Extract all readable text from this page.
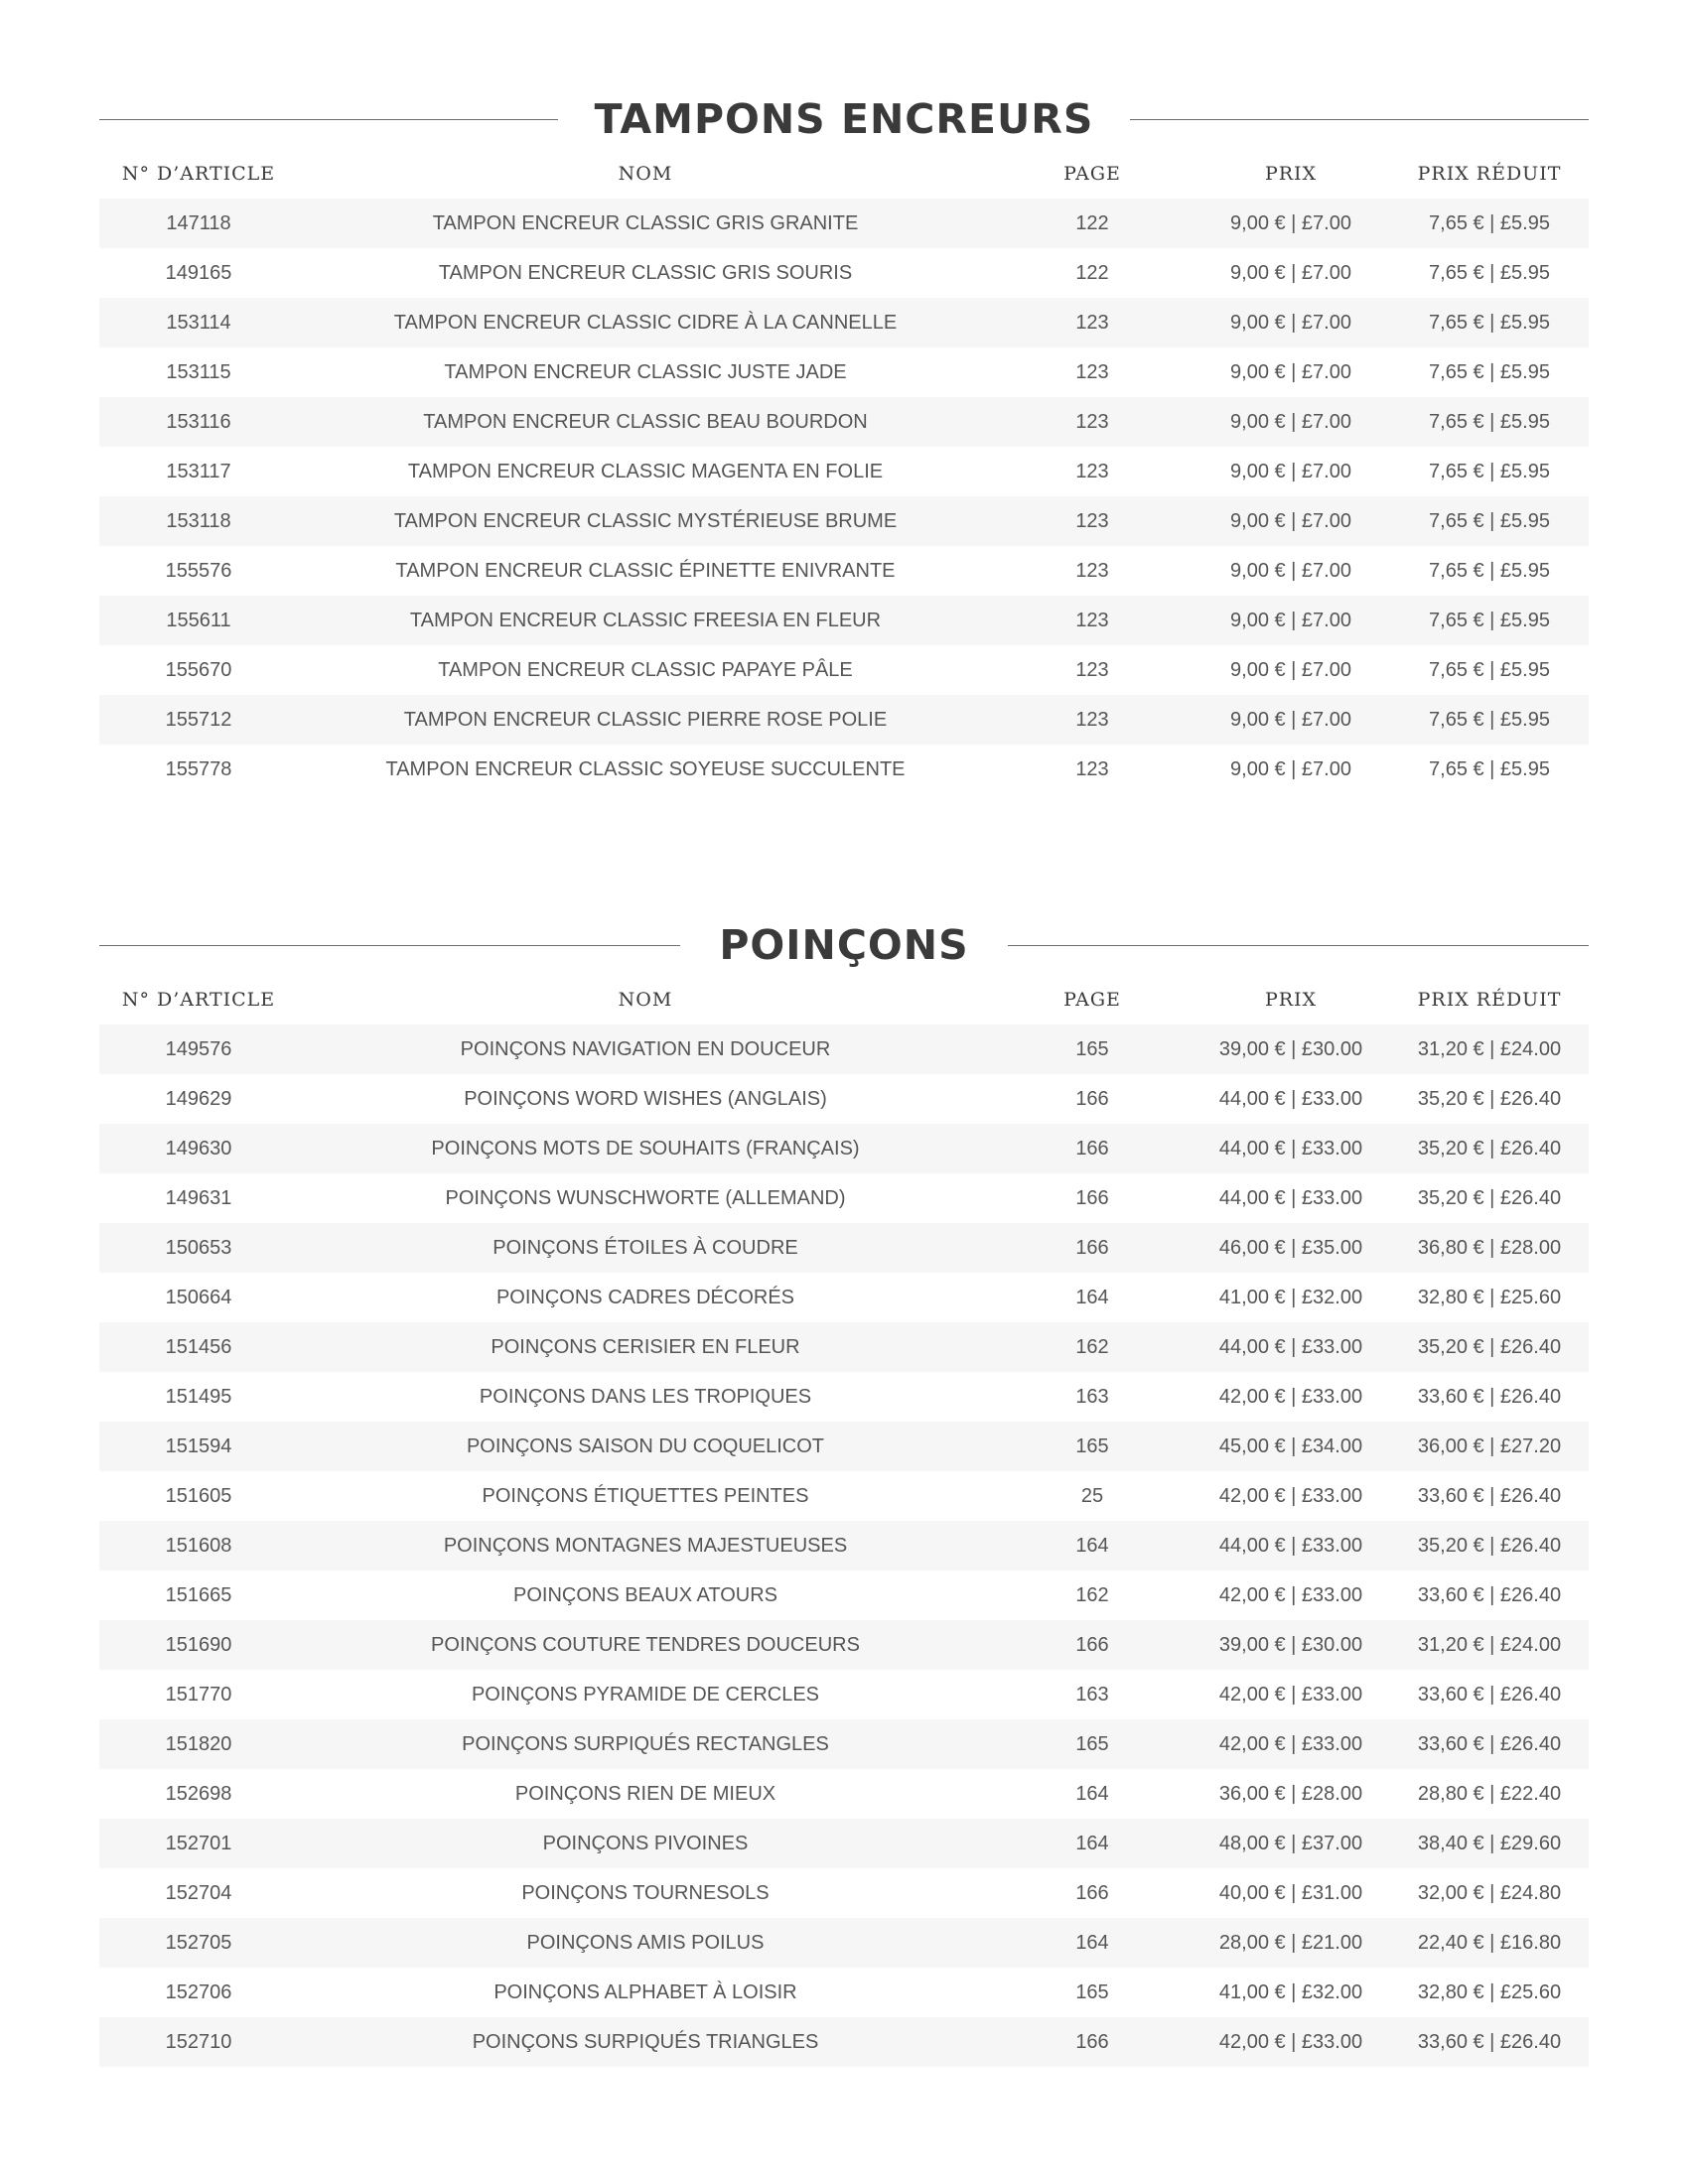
TAMPONS ENCREURS
N° D’ARTICLE	NOM	PAGE	PRIX	PRIX RÉDUIT
147118	TAMPON ENCREUR CLASSIC GRIS GRANITE	122	9,00 € | £7.00	7,65 € | £5.95
149165	TAMPON ENCREUR CLASSIC GRIS SOURIS	122	9,00 € | £7.00	7,65 € | £5.95
153114	TAMPON ENCREUR CLASSIC CIDRE À LA CANNELLE	123	9,00 € | £7.00	7,65 € | £5.95
153115	TAMPON ENCREUR CLASSIC JUSTE JADE	123	9,00 € | £7.00	7,65 € | £5.95
153116	TAMPON ENCREUR CLASSIC BEAU BOURDON	123	9,00 € | £7.00	7,65 € | £5.95
153117	TAMPON ENCREUR CLASSIC MAGENTA EN FOLIE	123	9,00 € | £7.00	7,65 € | £5.95
153118	TAMPON ENCREUR CLASSIC MYSTÉRIEUSE BRUME	123	9,00 € | £7.00	7,65 € | £5.95
155576	TAMPON ENCREUR CLASSIC ÉPINETTE ENIVRANTE	123	9,00 € | £7.00	7,65 € | £5.95
155611	TAMPON ENCREUR CLASSIC FREESIA EN FLEUR	123	9,00 € | £7.00	7,65 € | £5.95
155670	TAMPON ENCREUR CLASSIC PAPAYE PÂLE	123	9,00 € | £7.00	7,65 € | £5.95
155712	TAMPON ENCREUR CLASSIC PIERRE ROSE POLIE	123	9,00 € | £7.00	7,65 € | £5.95
155778	TAMPON ENCREUR CLASSIC SOYEUSE SUCCULENTE	123	9,00 € | £7.00	7,65 € | £5.95
POINÇONS
N° D’ARTICLE	NOM	PAGE	PRIX	PRIX RÉDUIT
149576	POINÇONS NAVIGATION EN DOUCEUR	165	39,00 € | £30.00	31,20 € | £24.00
149629	POINÇONS WORD WISHES (ANGLAIS)	166	44,00 € | £33.00	35,20 € | £26.40
149630	POINÇONS MOTS DE SOUHAITS (FRANÇAIS)	166	44,00 € | £33.00	35,20 € | £26.40
149631	POINÇONS WUNSCHWORTE (ALLEMAND)	166	44,00 € | £33.00	35,20 € | £26.40
150653	POINÇONS ÉTOILES À COUDRE	166	46,00 € | £35.00	36,80 € | £28.00
150664	POINÇONS CADRES DÉCORÉS	164	41,00 € | £32.00	32,80 € | £25.60
151456	POINÇONS CERISIER EN FLEUR	162	44,00 € | £33.00	35,20 € | £26.40
151495	POINÇONS DANS LES TROPIQUES	163	42,00 € | £33.00	33,60 € | £26.40
151594	POINÇONS SAISON DU COQUELICOT	165	45,00 € | £34.00	36,00 € | £27.20
151605	POINÇONS ÉTIQUETTES PEINTES	25	42,00 € | £33.00	33,60 € | £26.40
151608	POINÇONS MONTAGNES MAJESTUEUSES	164	44,00 € | £33.00	35,20 € | £26.40
151665	POINÇONS BEAUX ATOURS	162	42,00 € | £33.00	33,60 € | £26.40
151690	POINÇONS COUTURE TENDRES DOUCEURS	166	39,00 € | £30.00	31,20 € | £24.00
151770	POINÇONS PYRAMIDE DE CERCLES	163	42,00 € | £33.00	33,60 € | £26.40
151820	POINÇONS SURPIQUÉS RECTANGLES	165	42,00 € | £33.00	33,60 € | £26.40
152698	POINÇONS RIEN DE MIEUX	164	36,00 € | £28.00	28,80 € | £22.40
152701	POINÇONS PIVOINES	164	48,00 € | £37.00	38,40 € | £29.60
152704	POINÇONS TOURNESOLS	166	40,00 € | £31.00	32,00 € | £24.80
152705	POINÇONS AMIS POILUS	164	28,00 € | £21.00	22,40 € | £16.80
152706	POINÇONS ALPHABET À LOISIR	165	41,00 € | £32.00	32,80 € | £25.60
152710	POINÇONS SURPIQUÉS TRIANGLES	166	42,00 € | £33.00	33,60 € | £26.40
